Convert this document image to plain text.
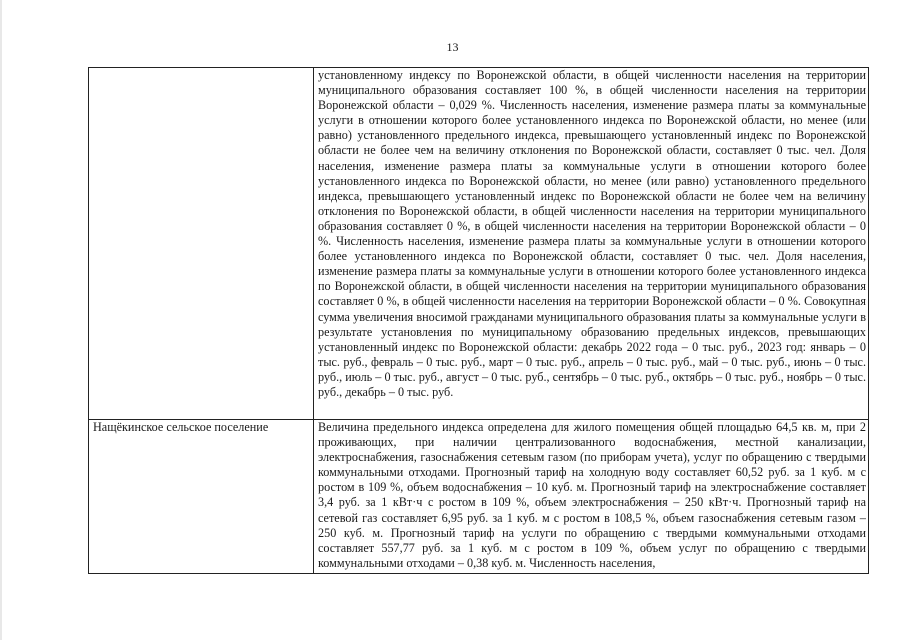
13

	установленному индексу по Воронежской области, в общей численности населения на территории муниципального образования составляет 100 %, в общей численности населения на территории Воронежской области – 0,029 %. Численность населения, изменение размера платы за коммунальные услуги в отношении которого более установленного индекса по Воронежской области, но менее (или равно) установленного предельного индекса, превышающего установленный индекс по Воронежской области не более чем на величину отклонения по Воронежской области, составляет 0 тыс. чел. Доля населения, изменение размера платы за коммунальные услуги в отношении которого более установленного индекса по Воронежской области, но менее (или равно) установленного предельного индекса, превышающего установленный индекс по Воронежской области не более чем на величину отклонения по Воронежской области, в общей численности населения на территории муниципального образования составляет 0 %, в общей численности населения на территории Воронежской области – 0 %. Численность населения, изменение размера платы за коммунальные услуги в отношении которого более установленного индекса по Воронежской области, составляет 0 тыс. чел. Доля населения, изменение размера платы за коммунальные услуги в отношении которого более установленного индекса по Воронежской области, в общей численности населения на территории муниципального образования составляет 0 %, в общей численности населения на территории Воронежской области – 0 %. Совокупная сумма увеличения вносимой гражданами муниципального образования платы за коммунальные услуги в результате установления по муниципальному образованию предельных индексов, превышающих установленный индекс по Воронежской области: декабрь 2022 года – 0 тыс. руб., 2023 год: январь – 0 тыс. руб., февраль – 0 тыс. руб., март – 0 тыс. руб., апрель – 0 тыс. руб., май – 0 тыс. руб., июнь – 0 тыс. руб., июль – 0 тыс. руб., август – 0 тыс. руб., сентябрь – 0 тыс. руб., октябрь – 0 тыс. руб., ноябрь – 0 тыс. руб., декабрь – 0 тыс. руб.

Нащёкинское сельское поселение	Величина предельного индекса определена для жилого помещения общей площадью 64,5 кв. м, при 2 проживающих, при наличии централизованного водоснабжения, местной канализации, электроснабжения, газоснабжения сетевым газом (по приборам учета), услуг по обращению с твердыми коммунальными отходами. Прогнозный тариф на холодную воду составляет 60,52 руб. за 1 куб. м с ростом в 109 %, объем водоснабжения – 10 куб. м. Прогнозный тариф на электроснабжение составляет 3,4 руб. за 1 кВт·ч с ростом в 109 %, объем электроснабжения – 250 кВт·ч. Прогнозный тариф на сетевой газ составляет 6,95 руб. за 1 куб. м с ростом в 108,5 %, объем газоснабжения сетевым газом – 250 куб. м. Прогнозный тариф на услуги по обращению с твердыми коммунальными отходами составляет 557,77 руб. за 1 куб. м с ростом в 109 %, объем услуг по обращению с твердыми коммунальными отходами – 0,38 куб. м. Численность населения,
